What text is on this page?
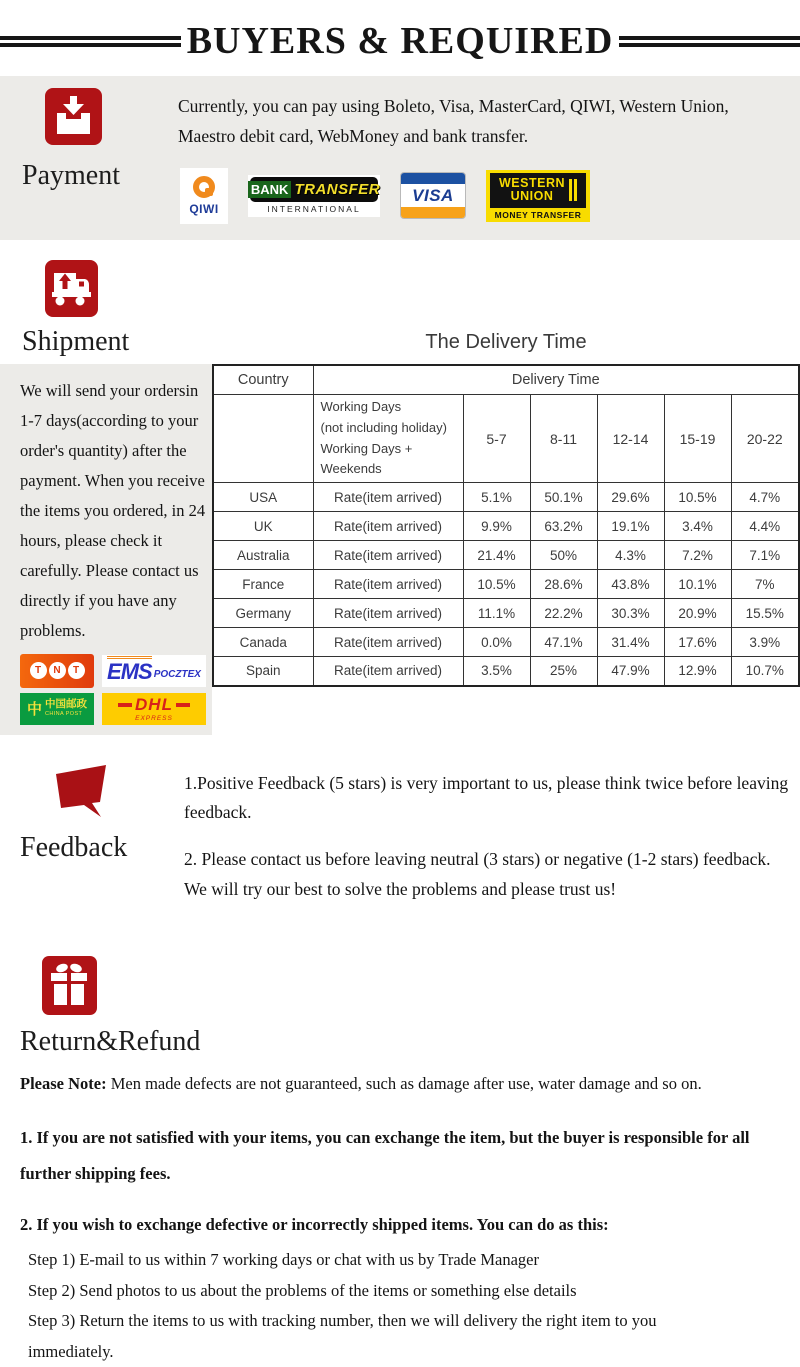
BUYERS & REQUIRED
Payment

Currently, you can pay using Boleto, Visa, MasterCard, QIWI, Western Union, Maestro debit card, WebMoney and bank transfer.

QIWI
BANK TRANSFER
INTERNATIONAL
VISA
WESTERN
UNION
MONEY TRANSFER
Shipment	The Delivery Time

We will send your ordersin 1-7 days(according to your order's quantity) after the payment. When you receive the items you ordered, in 24 hours, please check it carefully. Please contact us directly if you have any problems.

T	N	T EMS POCZTEX
中 中国邮政
CHINA POST	DHL
EXPRESS
Country	Delivery Time					

	Working Days
(not including holiday)
Working Days + Weekends	5-7	8-11	12-14	15-19	20-22
USA	Rate(item arrived)	5.1%	50.1%	29.6%	10.5%	4.7%
UK	Rate(item arrived)	9.9%	63.2%	19.1%	3.4%	4.4%
Australia	Rate(item arrived)	21.4%	50%	4.3%	7.2%	7.1%
France	Rate(item arrived)	10.5%	28.6%	43.8%	10.1%	7%
Germany	Rate(item arrived)	11.1%	22.2%	30.3%	20.9%	15.5%
Canada	Rate(item arrived)	0.0%	47.1%	31.4%	17.6%	3.9%
Spain	Rate(item arrived)	3.5%	25%	47.9%	12.9%	10.7%
Feedback

1.Positive Feedback (5 stars) is very important to us, please think twice before leaving feedback.

2. Please contact us before leaving neutral (3 stars) or negative (1-2 stars) feedback. We will try our best to solve the problems and please trust us!

Return&Refund

Please Note: Men made defects are not guaranteed, such as damage after use, water damage and so on.

1. If you are not satisfied with your items, you can exchange the item, but the buyer is responsible for all further shipping fees.

2. If you wish to exchange defective or incorrectly shipped items. You can do as this:

Step 1) E-mail to us within 7 working days or chat with us by Trade Manager

Step 2) Send photos to us about the problems of the items or something else details

Step 3) Return the items to us with tracking number, then we will delivery the right item to you immediately.
